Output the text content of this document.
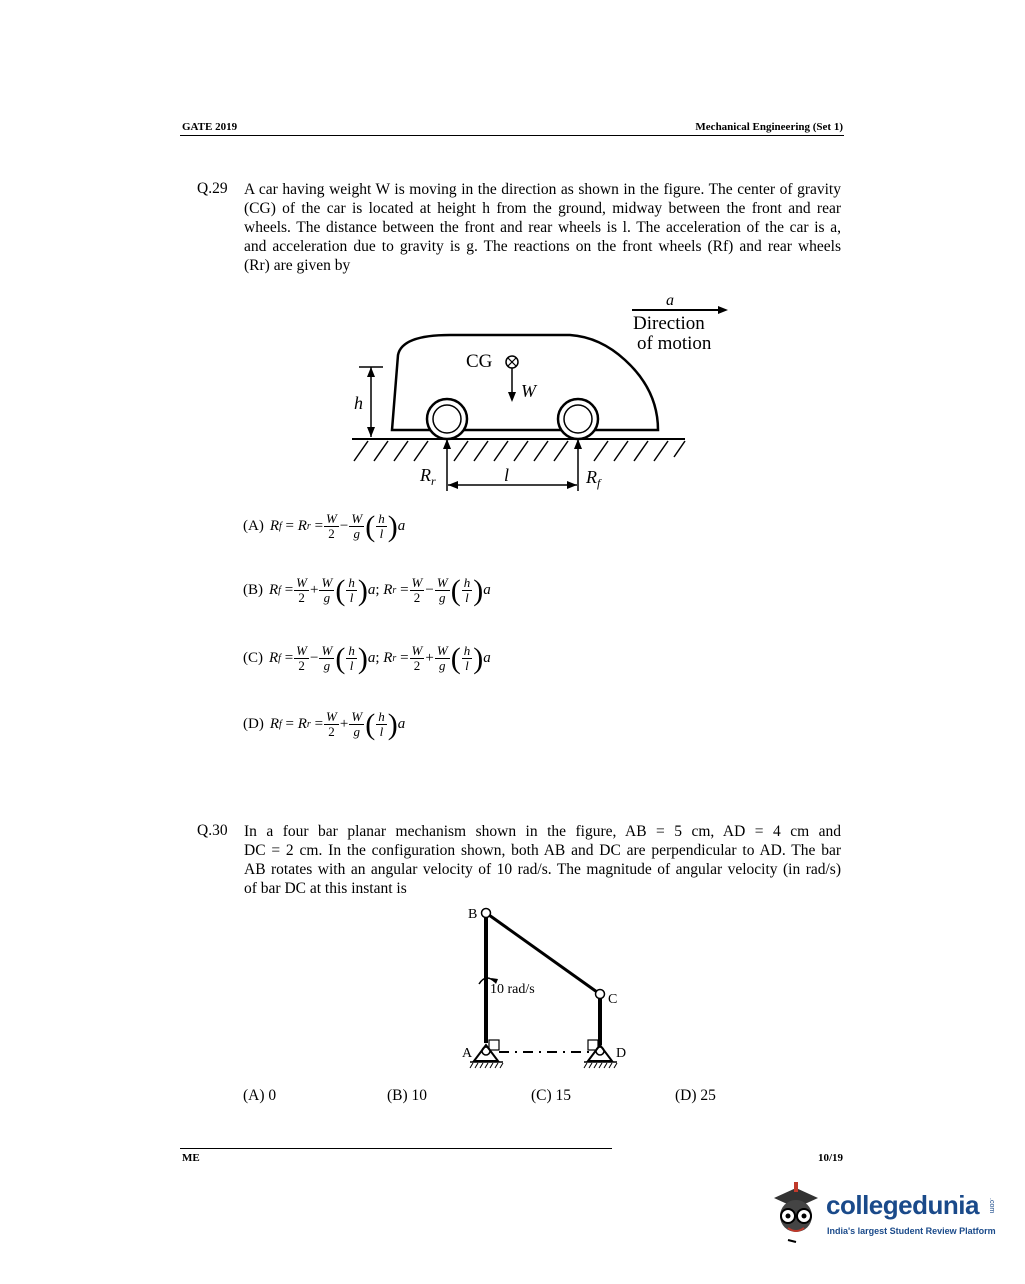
GATE 2019	Mechanical Engineering (Set 1)
Q.29 A car having weight W is moving in the direction as shown in the figure. The center of gravity
(CG) of the car is located at height h from the ground, midway between the front and rear
wheels. The distance between the front and rear wheels is l. The acceleration of the car is a,
and acceleration due to gravity is g. The reactions on the front wheels (Rf) and rear wheels
(Rr) are given by
a
Direction
of motion
h
CG
W
$R_r$	$R_f$
l
(A) R f = R $r = \frac{W}{2} - \frac{W}{g}$ ( $\frac{h}{l}$ ) a
(B) R $f = \frac{W}{2} + \frac{W}{g}$ ( $\frac{h}{l}$ ) a ; R $r = \frac{W}{2} - \frac{W}{g}$ ( $\frac{h}{l}$ ) a
(C) R $f = \frac{W}{2} - \frac{W}{g}$ ( $\frac{h}{l}$ ) a ; R $r = \frac{W}{2} + \frac{W}{g}$ ( $\frac{h}{l}$ ) a
(D) R f = R $r = \frac{W}{2} + \frac{W}{g}$ ( $\frac{h}{l}$ ) a
Q.30 In a four bar planar mechanism shown in the figure, AB = 5 cm, AD = 4 cm and
DC = 2 cm. In the configuration shown, both AB and DC are perpendicular to AD. The bar
AB rotates with an angular velocity of 10 rad/s. The magnitude of angular velocity (in rad/s)
of bar DC at this instant is
B
C
10 rad/s
A	D
(A) 0	(B) 10	(C) 15	(D) 25
ME	10/19
collegedunia .com
India's largest Student Review Platform
